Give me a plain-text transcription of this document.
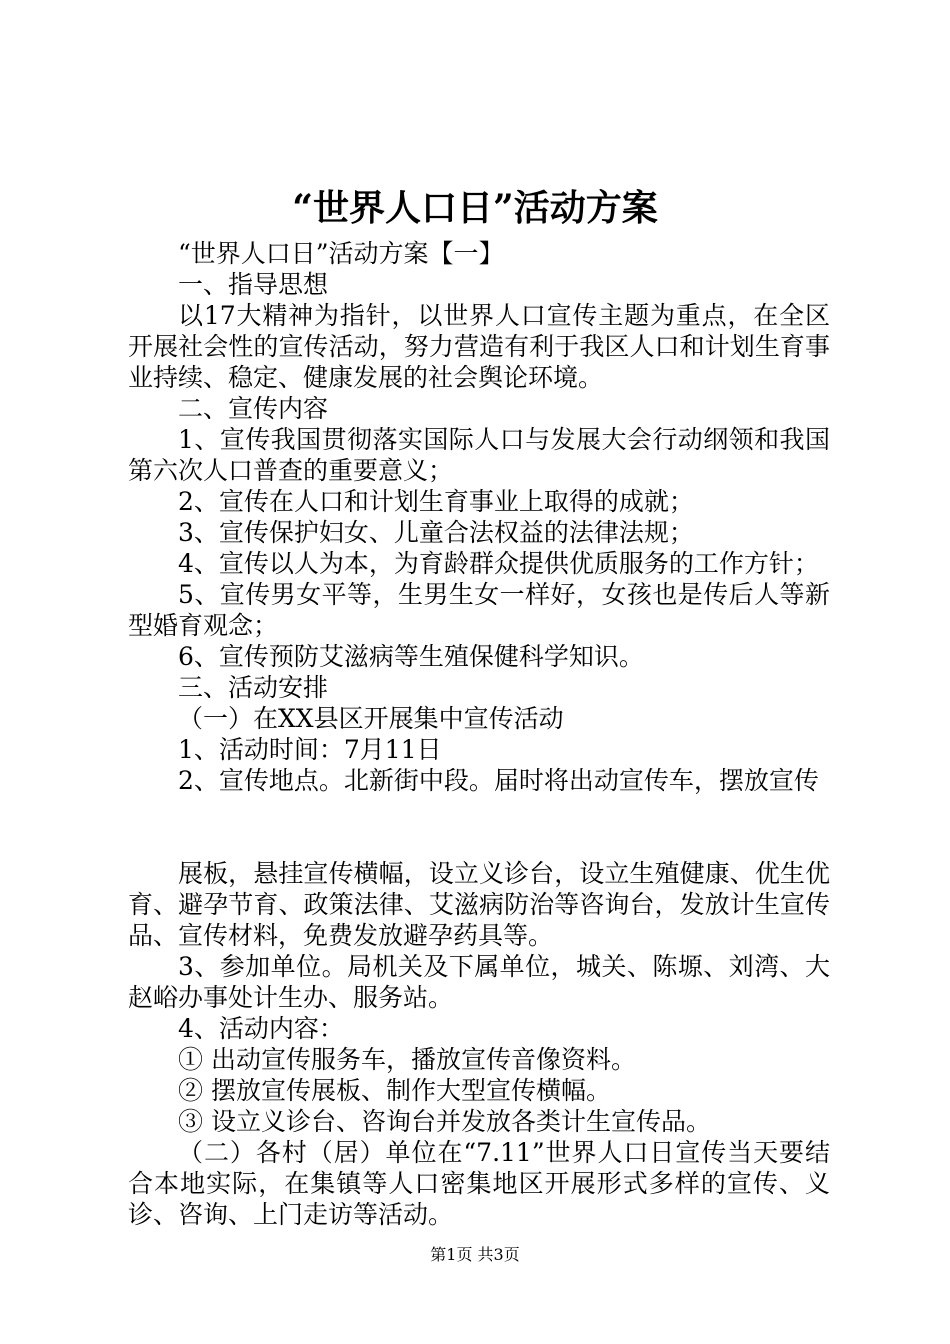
“世界人口日”活动方案

“世界人口日”活动方案【一】

一、指导思想

以17大精神为指针，以世界人口宣传主题为重点，在全区开展社会性的宣传活动，努力营造有利于我区人口和计划生育事业持续、稳定、健康发展的社会舆论环境。

二、宣传内容

1、宣传我国贯彻落实国际人口与发展大会行动纲领和我国第六次人口普查的重要意义；

2、宣传在人口和计划生育事业上取得的成就；

3、宣传保护妇女、儿童合法权益的法律法规；

4、宣传以人为本，为育龄群众提供优质服务的工作方针；

5、宣传男女平等，生男生女一样好，女孩也是传后人等新型婚育观念；

6、宣传预防艾滋病等生殖保健科学知识。

三、活动安排

（一）在XX县区开展集中宣传活动

1、活动时间：7月11日

2、宣传地点。北新街中段。届时将出动宣传车，摆放宣传

展板，悬挂宣传横幅，设立义诊台，设立生殖健康、优生优育、避孕节育、政策法律、艾滋病防治等咨询台，发放计生宣传品、宣传材料，免费发放避孕药具等。

3、参加单位。局机关及下属单位，城关、陈塬、刘湾、大赵峪办事处计生办、服务站。

4、活动内容：

① 出动宣传服务车，播放宣传音像资料。

② 摆放宣传展板、制作大型宣传横幅。

③ 设立义诊台、咨询台并发放各类计生宣传品。

（二）各村（居）单位在“7.11”世界人口日宣传当天要结合本地实际，在集镇等人口密集地区开展形式多样的宣传、义诊、咨询、上门走访等活动。

第1页 共3页
